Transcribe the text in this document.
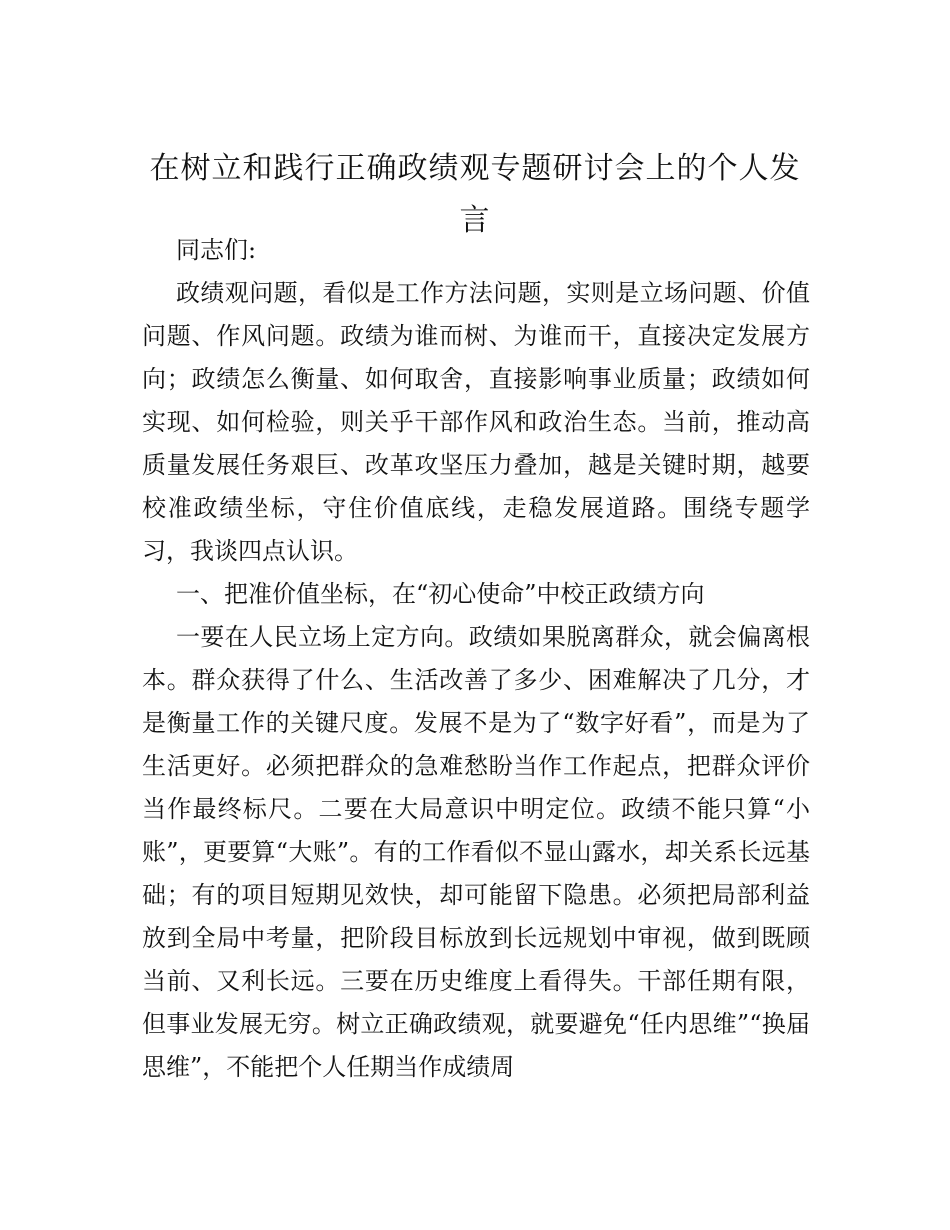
在树立和践行正确政绩观专题研讨会上的个人发言

同志们:

政绩观问题，看似是工作方法问题，实则是立场问题、价值问题、作风问题。政绩为谁而树、为谁而干，直接决定发展方向；政绩怎么衡量、如何取舍，直接影响事业质量；政绩如何实现、如何检验，则关乎干部作风和政治生态。当前，推动高质量发展任务艰巨、改革攻坚压力叠加，越是关键时期，越要校准政绩坐标，守住价值底线，走稳发展道路。围绕专题学习，我谈四点认识。

一、把准价值坐标，在“初心使命”中校正政绩方向

一要在人民立场上定方向。政绩如果脱离群众，就会偏离根本。群众获得了什么、生活改善了多少、困难解决了几分，才是衡量工作的关键尺度。发展不是为了“数字好看”，而是为了生活更好。必须把群众的急难愁盼当作工作起点，把群众评价当作最终标尺。二要在大局意识中明定位。政绩不能只算“小账”，更要算“大账”。有的工作看似不显山露水，却关系长远基础；有的项目短期见效快，却可能留下隐患。必须把局部利益放到全局中考量，把阶段目标放到长远规划中审视，做到既顾当前、又利长远。三要在历史维度上看得失。干部任期有限，但事业发展无穷。树立正确政绩观，就要避免“任内思维”“换届思维”，不能把个人任期当作成绩周
